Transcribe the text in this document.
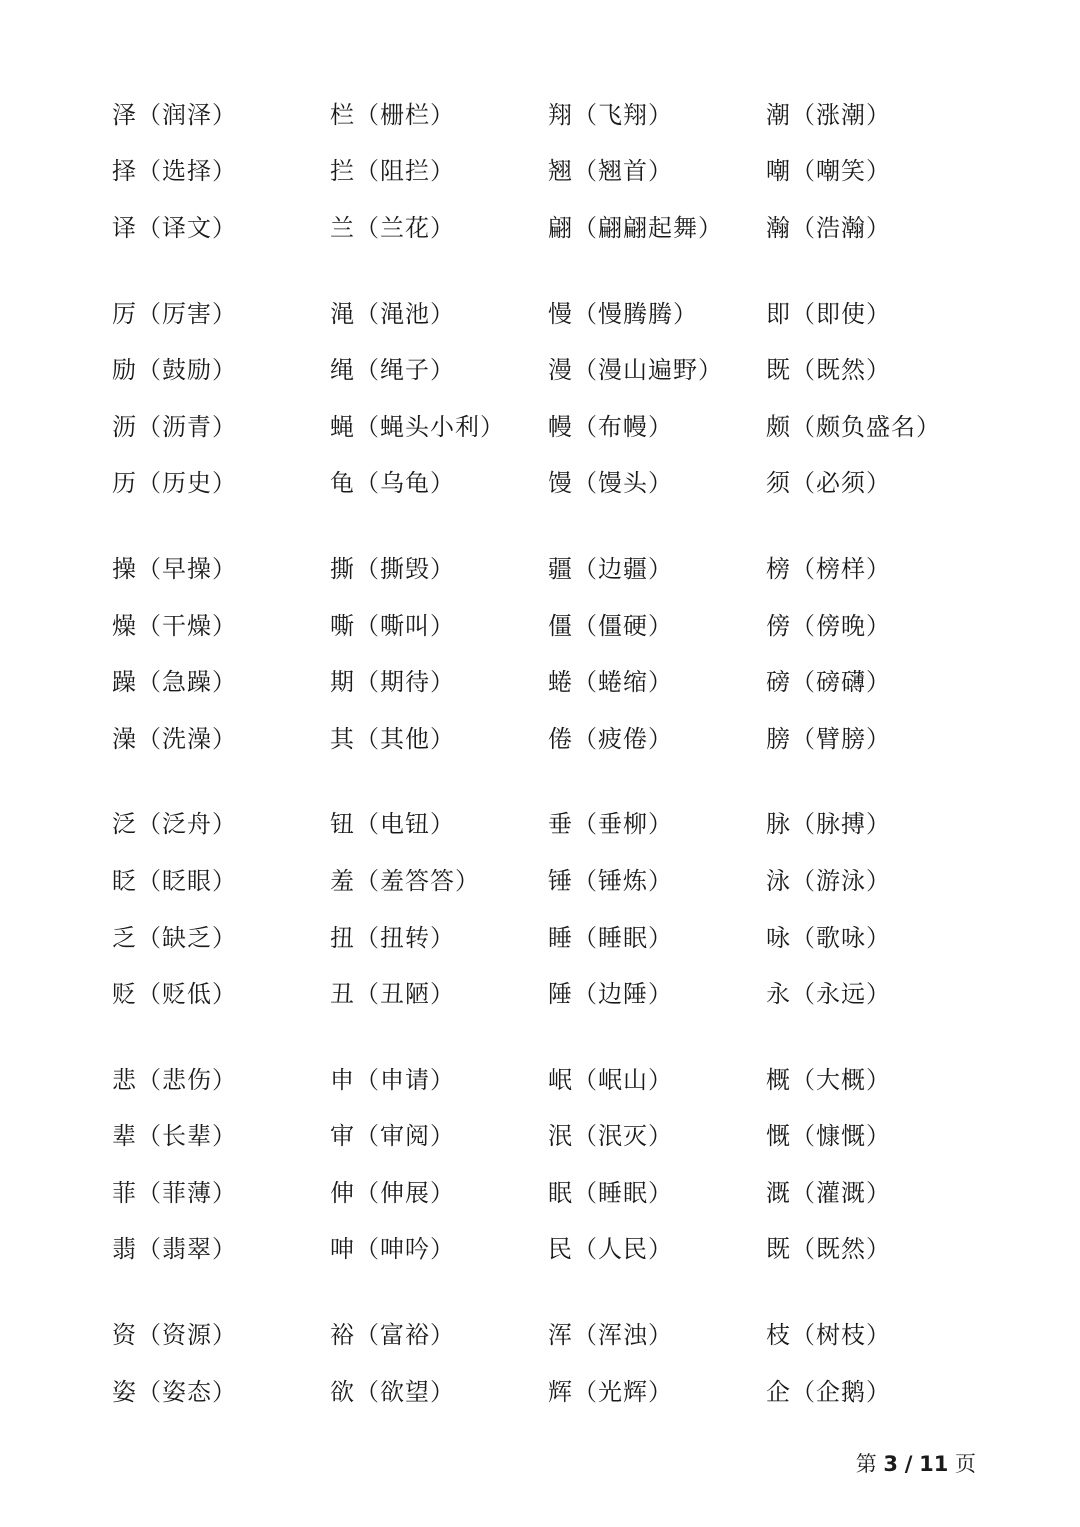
泽（润泽）	栏（栅栏）	翔（飞翔）	潮（涨潮）
择（选择）	拦（阻拦）	翘（翘首）	嘲（嘲笑）
译（译文）	兰（兰花）	翩（翩翩起舞）	瀚（浩瀚）
厉（厉害）	渑（渑池）	慢（慢腾腾）	即（即使）
励（鼓励）	绳（绳子）	漫（漫山遍野）	既（既然）
沥（沥青）	蝇（蝇头小利）	幔（布幔）	颇（颇负盛名）
历（历史）	龟（乌龟）	馒（馒头）	须（必须）
操（早操）	撕（撕毁）	疆（边疆）	榜（榜样）
燥（干燥）	嘶（嘶叫）	僵（僵硬）	傍（傍晚）
躁（急躁）	期（期待）	蜷（蜷缩）	磅（磅礴）
澡（洗澡）	其（其他）	倦（疲倦）	膀（臂膀）
泛（泛舟）	钮（电钮）	垂（垂柳）	脉（脉搏）
眨（眨眼）	羞（羞答答）	锤（锤炼）	泳（游泳）
乏（缺乏）	扭（扭转）	睡（睡眠）	咏（歌咏）
贬（贬低）	丑（丑陋）	陲（边陲）	永（永远）
悲（悲伤）	申（申请）	岷（岷山）	概（大概）
辈（长辈）	审（审阅）	泯（泯灭）	慨（慷慨）
菲（菲薄）	伸（伸展）	眠（睡眠）	溉（灌溉）
翡（翡翠）	呻（呻吟）	民（人民）	既（既然）
资（资源）	裕（富裕）	浑（浑浊）	枝（树枝）
姿（姿态）	欲（欲望）	辉（光辉）	企（企鹅）
第 3 / 11 页
